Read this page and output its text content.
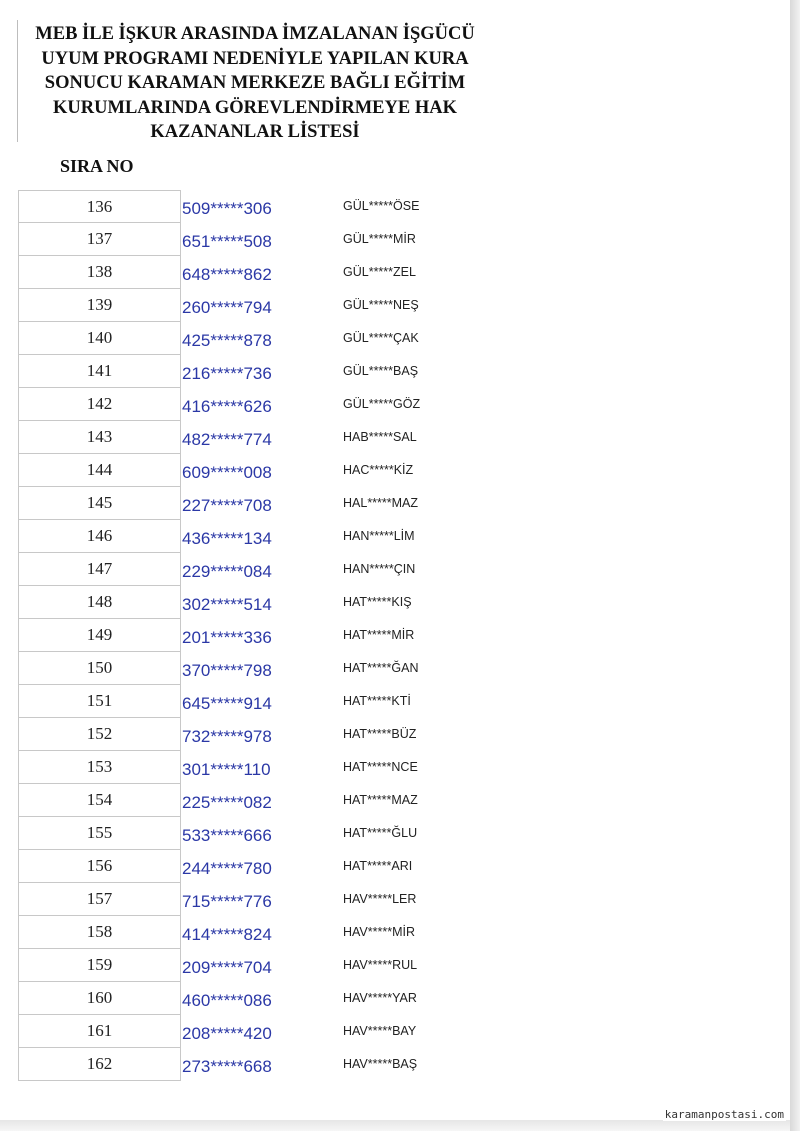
MEB İLE İŞKUR ARASINDA İMZALANAN İŞGÜCÜ
UYUM PROGRAMI NEDENİYLE YAPILAN KURA
SONUCU KARAMAN MERKEZE BAĞLI EĞİTİM
KURUMLARINDA GÖREVLENDİRMEYE HAK
KAZANANLAR LİSTESİ
SIRA NO
136	509*****306	GÜL*****ÖSE
137	651*****508	GÜL*****MİR
138	648*****862	GÜL*****ZEL
139	260*****794	GÜL*****NEŞ
140	425*****878	GÜL*****ÇAK
141	216*****736	GÜL*****BAŞ
142	416*****626	GÜL*****GÖZ
143	482*****774	HAB*****SAL
144	609*****008	HAC*****KİZ
145	227*****708	HAL*****MAZ
146	436*****134	HAN*****LİM
147	229*****084	HAN*****ÇIN
148	302*****514	HAT*****KIŞ
149	201*****336	HAT*****MİR
150	370*****798	HAT*****ĞAN
151	645*****914	HAT*****KTİ
152	732*****978	HAT*****BÜZ
153	301*****110	HAT*****NCE
154	225*****082	HAT*****MAZ
155	533*****666	HAT*****ĞLU
156	244*****780	HAT*****ARI
157	715*****776	HAV*****LER
158	414*****824	HAV*****MİR
159	209*****704	HAV*****RUL
160	460*****086	HAV*****YAR
161	208*****420	HAV*****BAY
162	273*****668	HAV*****BAŞ
karamanpostasi.com
